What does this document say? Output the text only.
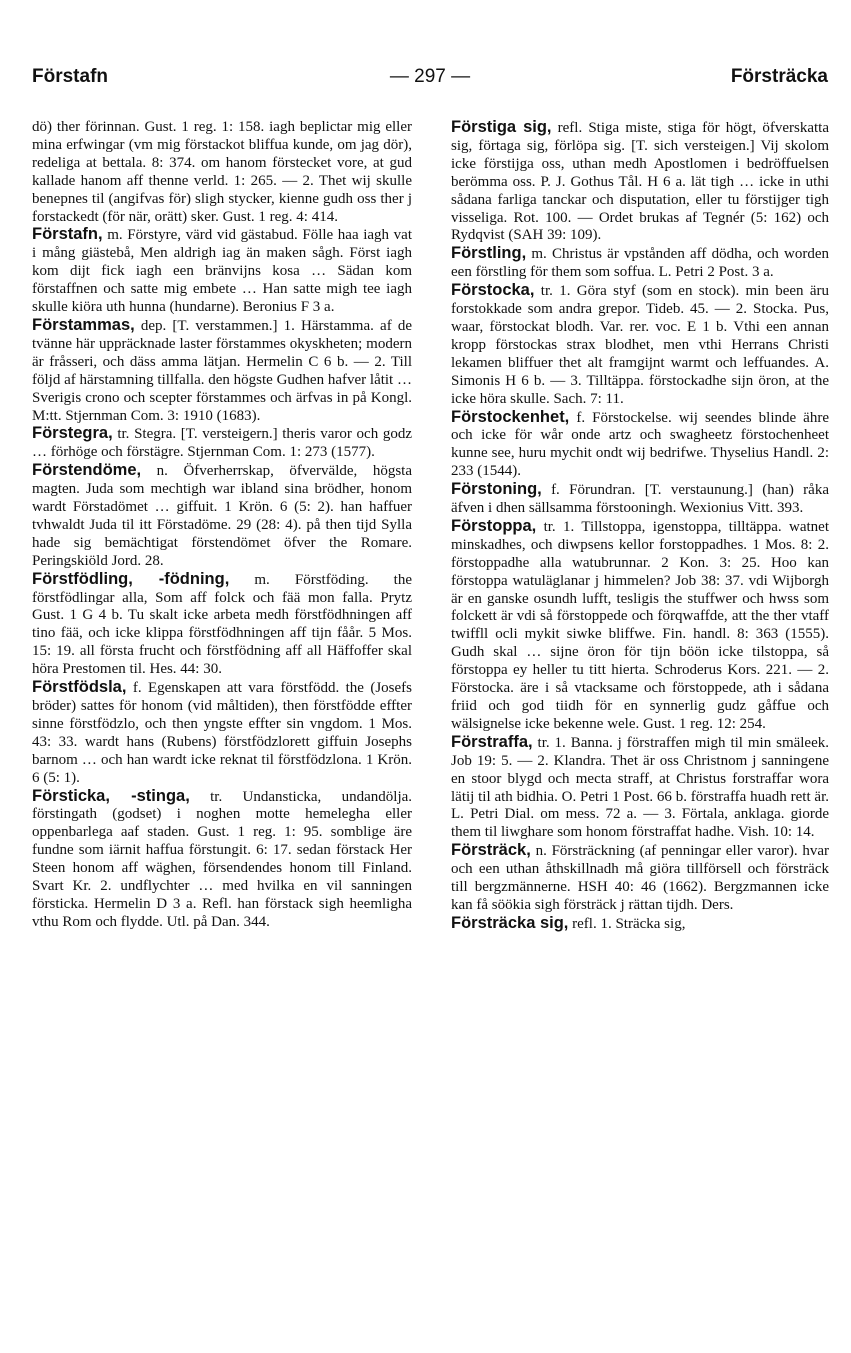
— 297 —
Förstafn	Försträcka

dö) ther förinnan. Gust. 1 reg. 1: 158. iagh beplictar mig eller mina erfwingar (vm mig förstackot bliffua kunde, om jag dör), redeliga at bettala. 8: 374. om hanom förstecket vore, at gud kallade hanom aff thenne verld. 1: 265. — 2. Thet wij skulle benepnes til (angifvas för) sligh stycker, kienne gudh oss ther j forstackedt (för när, orätt) sker. Gust. 1 reg. 4: 414.

Förstafn, m. Förstyre, värd vid gästabud. Fölle haa iagh vat i mång giästebå, Men aldrigh iag än maken sågh. Först iagh kom dijt fick iagh een bränvijns kosa … Sädan kom förstaffnen och satte mig embete … Han satte migh tee iagh skulle kiöra uth hunna (hundarne). Beronius F 3 a.

Förstammas, dep. [T. verstammen.] 1. Härstamma. af de tvänne här uppräcknade laster förstammes okyskheten; modern är fråsseri, och däss amma lätjan. Hermelin C 6 b. — 2. Till följd af härstamning tillfalla. den högste Gudhen hafver låtit … Sverigis crono och scepter förstammes och ärfvas in på Kongl. M:tt. Stjernman Com. 3: 1910 (1683).

Förstegra, tr. Stegra. [T. versteigern.] theris varor och godz … förhöge och förstägre. Stjernman Com. 1: 273 (1577).

Förstendöme, n. Öfverherrskap, öfvervälde, högsta magten. Juda som mechtigh war ibland sina brödher, honom wardt Förstadömet … giffuit. 1 Krön. 6 (5: 2). han haffuer tvhwaldt Juda til itt Förstadöme. 29 (28: 4). på then tijd Sylla hade sig bemächtigat förstendömet öfver the Romare. Peringskiöld Jord. 28.

Förstfödling, -födning, m. Förstföding. the förstfödlingar alla, Som aff folck och fää mon falla. Prytz Gust. 1 G 4 b. Tu skalt icke arbeta medh förstfödhningen aff tino fää, och icke klippa förstfödhningen aff tijn fåår. 5 Mos. 15: 19. all första frucht och förstfödning aff all Häffoffer skal höra Prestomen til. Hes. 44: 30.

Förstfödsla, f. Egenskapen att vara förstfödd. the (Josefs bröder) sattes för honom (vid måltiden), then förstfödde effter sinne förstfödzlo, och then yngste effter sin vngdom. 1 Mos. 43: 33. wardt hans (Rubens) förstfödzlorett giffuin Josephs barnom … och han wardt icke reknat til förstfödzlona. 1 Krön. 6 (5: 1).

Försticka, -stinga, tr. Undansticka, undandölja. förstingath (godset) i noghen motte hemelegha eller oppenbarlega aaf staden. Gust. 1 reg. 1: 95. somblige äre fundne som iärnit haffua förstungit. 6: 17. sedan förstack Her Steen honom aff wäghen, försendendes honom till Finland. Svart Kr. 2. undflychter … med hvilka en vil sanningen försticka. Hermelin D 3 a. Refl. han förstack sigh heemligha vthu Rom och flydde. Utl. på Dan. 344.

Förstiga sig, refl. Stiga miste, stiga för högt, öfverskatta sig, förtaga sig, förlöpa sig. [T. sich versteigen.] Vij skolom icke förstijga oss, uthan medh Apostlomen i bedröffuelsen berömma oss. P. J. Gothus Tål. H 6 a. lät tigh … icke in uthi sådana farliga tanckar och disputation, eller tu förstijger tigh visseliga. Rot. 100. — Ordet brukas af Tegnér (5: 162) och Rydqvist (SAH 39: 109).

Förstling, m. Christus är vpstånden aff dödha, och worden een förstling för them som soffua. L. Petri 2 Post. 3 a.

Förstocka, tr. 1. Göra styf (som en stock). min been äru forstokkade som andra grepor. Tideb. 45. — 2. Stocka. Pus, waar, förstockat blodh. Var. rer. voc. E 1 b. Vthi een annan kropp förstockas strax blodhet, men vthi Herrans Christi lekamen bliffuer thet alt framgijnt warmt och leffuandes. A. Simonis H 6 b. — 3. Tilltäppa. förstockadhe sijn öron, at the icke höra skulle. Sach. 7: 11.

Förstockenhet, f. Förstockelse. wij seendes blinde ähre och icke för wår onde artz och swagheetz förstochenheet kunne see, huru mychit ondt wij bedrifwe. Thyselius Handl. 2: 233 (1544).

Förstoning, f. Förundran. [T. verstaunung.] (han) råka äfven i dhen sällsamma förstooningh. Wexionius Vitt. 393.

Förstoppa, tr. 1. Tillstoppa, igenstoppa, tilltäppa. watnet minskadhes, och diwpsens kellor forstoppadhes. 1 Mos. 8: 2. förstoppadhe alla watubrunnar. 2 Kon. 3: 25. Hoo kan förstoppa watuläglanar j himmelen? Job 38: 37. vdi Wijborgh är en ganske osundh lufft, tesligis the stuffwer och hwss som folckett är vdi så förstoppede och förqwaffde, att the ther vtaff twiffll ocli mykit siwke bliffwe. Fin. handl. 8: 363 (1555). Gudh skal … sijne öron för tijn böön icke tilstoppa, så förstoppa ey heller tu titt hierta. Schroderus Kors. 221. — 2. Förstocka. äre i så vtacksame och förstoppede, ath i sådana friid och god tiidh för en synnerlig gudz gåffue och wälsignelse icke bekenne wele. Gust. 1 reg. 12: 254.

Förstraffa, tr. 1. Banna. j förstraffen migh til min smäleek. Job 19: 5. — 2. Klandra. Thet är oss Christnom j sanningene en stoor blygd och mecta straff, at Christus forstraffar wora lätij til ath bidhia. O. Petri 1 Post. 66 b. förstraffa huadh rett är. L. Petri Dial. om mess. 72 a. — 3. Förtala, anklaga. giorde them til liwghare som honom förstraffat hadhe. Vish. 10: 14.

Försträck, n. Försträckning (af penningar eller varor). hvar och een uthan åthskillnadh må giöra tillförsell och försträck till bergzmännerne. HSH 40: 46 (1662). Bergzmannen icke kan få söökia sigh försträck j rättan tijdh. Ders.

Försträcka sig, refl. 1. Sträcka sig,
